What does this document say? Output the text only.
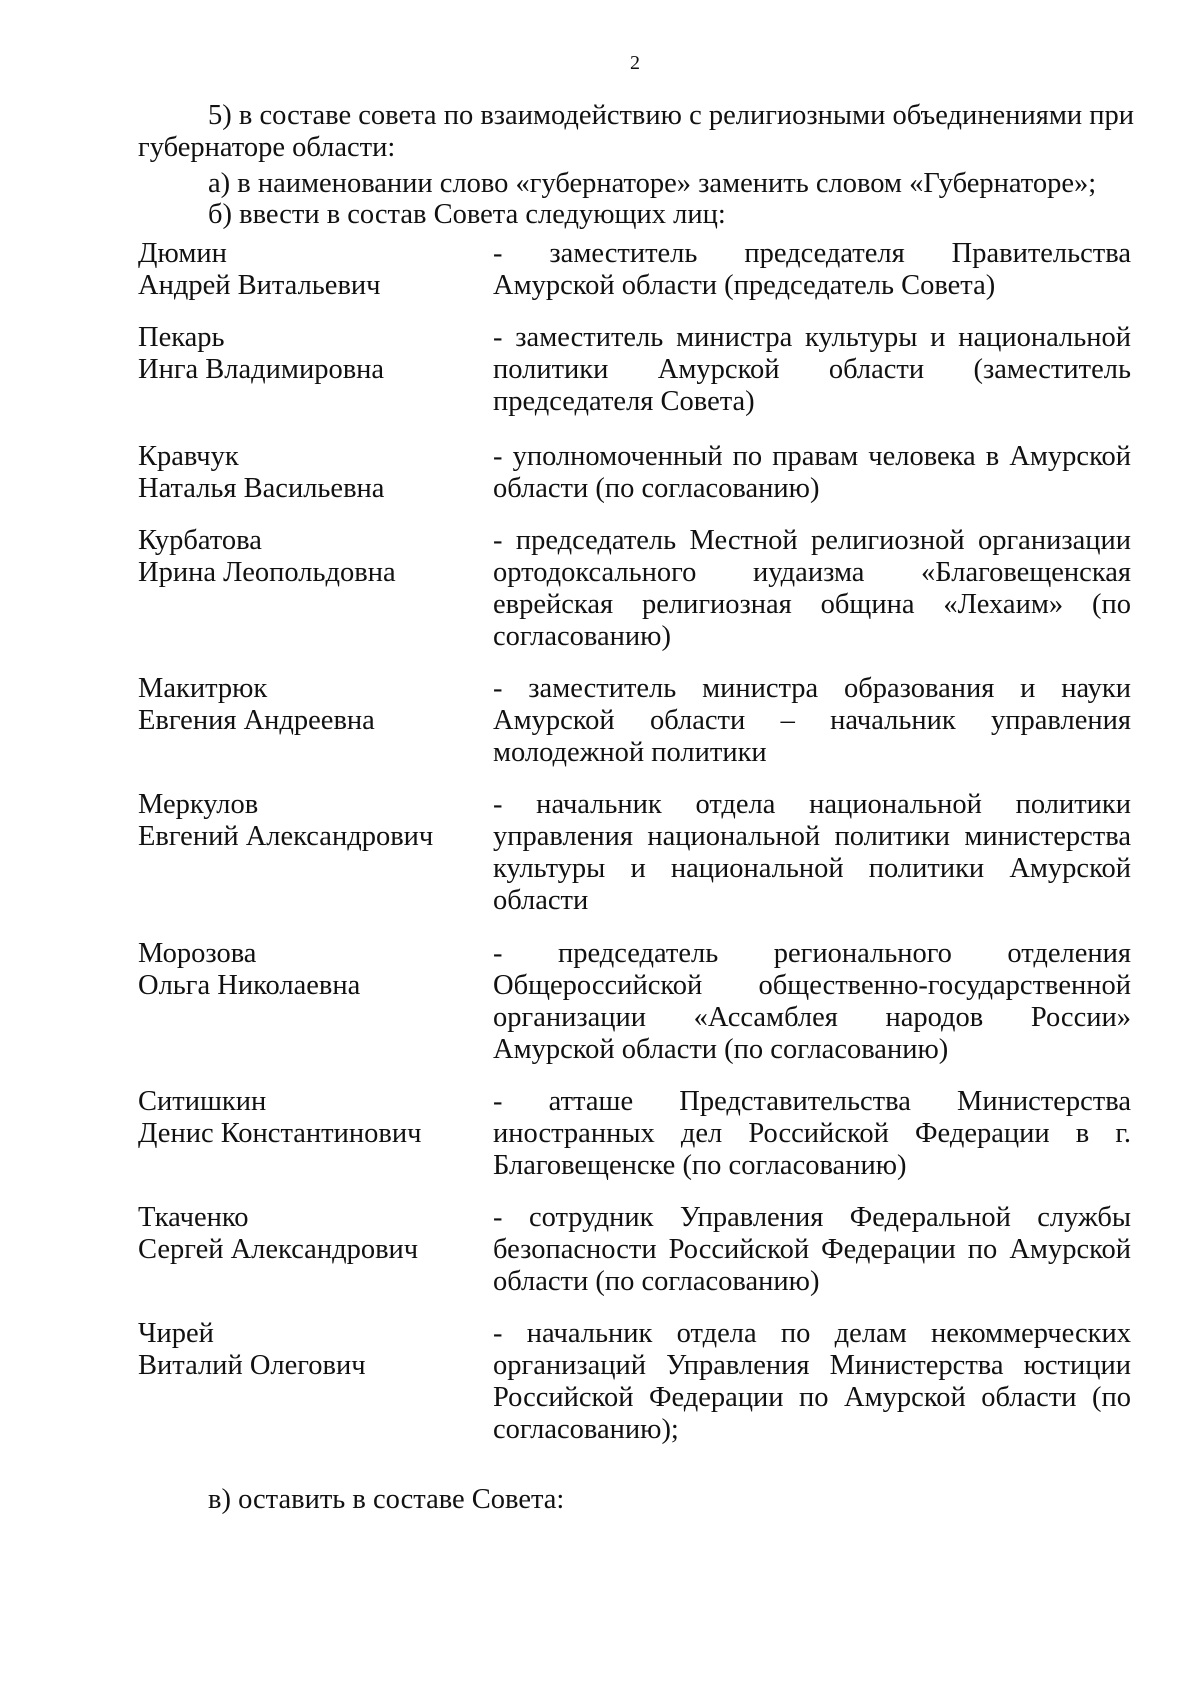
2
5) в составе совета по взаимодействию с религиозными объединениями при губернаторе области:
а) в наименовании слово «губернаторе» заменить словом «Губернаторе»;
б) ввести в состав Совета следующих лиц:
Дюмин
Андрей Витальевич
- заместитель председателя Правительства Амурской области (председатель Совета)
Пекарь
Инга Владимировна
- заместитель министра культуры и национальной политики Амурской области (заместитель председателя Совета)
Кравчук
Наталья Васильевна
- уполномоченный по правам человека в Амурской области (по согласованию)
Курбатова
Ирина Леопольдовна
- председатель Местной религиозной организации ортодоксального иудаизма «Благовещенская еврейская религиозная община «Лехаим» (по согласованию)
Макитрюк
Евгения Андреевна
- заместитель министра образования и науки Амурской области – начальник управления молодежной политики
Меркулов
Евгений Александрович
- начальник отдела национальной политики управления национальной политики министерства культуры и национальной политики Амурской области
Морозова
Ольга Николаевна
- председатель регионального отделения Общероссийской общественно-государственной организации «Ассамблея народов России» Амурской области (по согласованию)
Ситишкин
Денис Константинович
- атташе Представительства Министерства иностранных дел Российской Федерации в г. Благовещенске (по согласованию)
Ткаченко
Сергей Александрович
- сотрудник Управления Федеральной службы безопасности Российской Федерации по Амурской области (по согласованию)
Чирей
Виталий Олегович
- начальник отдела по делам некоммерческих организаций Управления Министерства юстиции Российской Федерации по Амурской области (по согласованию);
в) оставить в составе Совета:
